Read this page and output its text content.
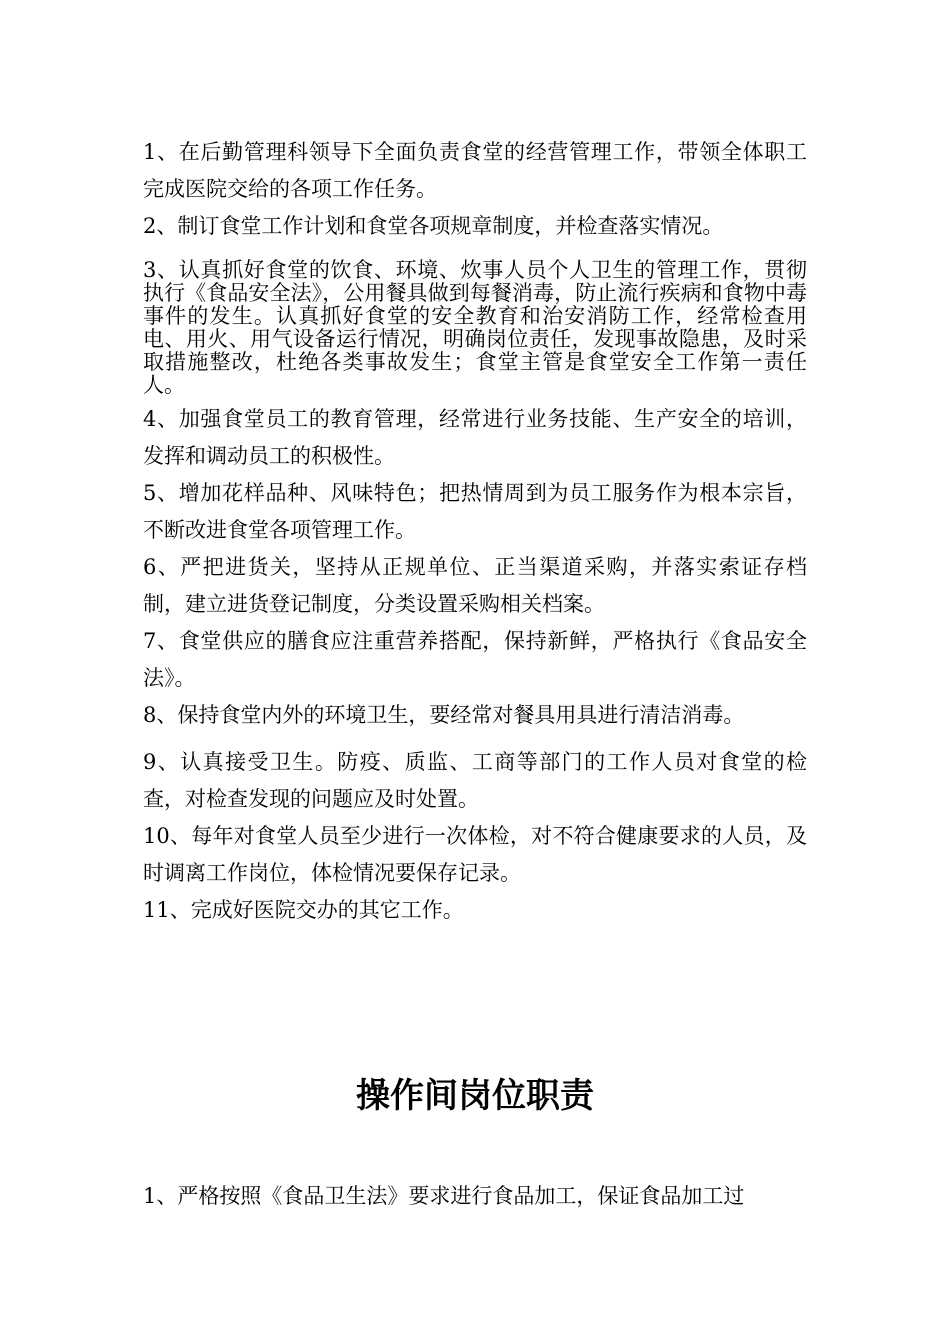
1、在后勤管理科领导下全面负责食堂的经营管理工作，带领全体职工完成医院交给的各项工作任务。

2、制订食堂工作计划和食堂各项规章制度，并检查落实情况。

3、认真抓好食堂的饮食、环境、炊事人员个人卫生的管理工作，贯彻执行《食品安全法》，公用餐具做到每餐消毒，防止流行疾病和食物中毒事件的发生。认真抓好食堂的安全教育和治安消防工作，经常检查用电、用火、用气设备运行情况，明确岗位责任，发现事故隐患，及时采取措施整改，杜绝各类事故发生；食堂主管是食堂安全工作第一责任人。

4、加强食堂员工的教育管理，经常进行业务技能、生产安全的培训，发挥和调动员工的积极性。

5、增加花样品种、风味特色；把热情周到为员工服务作为根本宗旨，不断改进食堂各项管理工作。

6、严把进货关，坚持从正规单位、正当渠道采购，并落实索证存档制，建立进货登记制度，分类设置采购相关档案。

7、食堂供应的膳食应注重营养搭配，保持新鲜，严格执行《食品安全法》。

8、保持食堂内外的环境卫生，要经常对餐具用具进行清洁消毒。

9、认真接受卫生。防疫、质监、工商等部门的工作人员对食堂的检查，对检查发现的问题应及时处置。

10、每年对食堂人员至少进行一次体检，对不符合健康要求的人员，及时调离工作岗位，体检情况要保存记录。

11、完成好医院交办的其它工作。

操作间岗位职责

1、严格按照《食品卫生法》要求进行食品加工，保证食品加工过
